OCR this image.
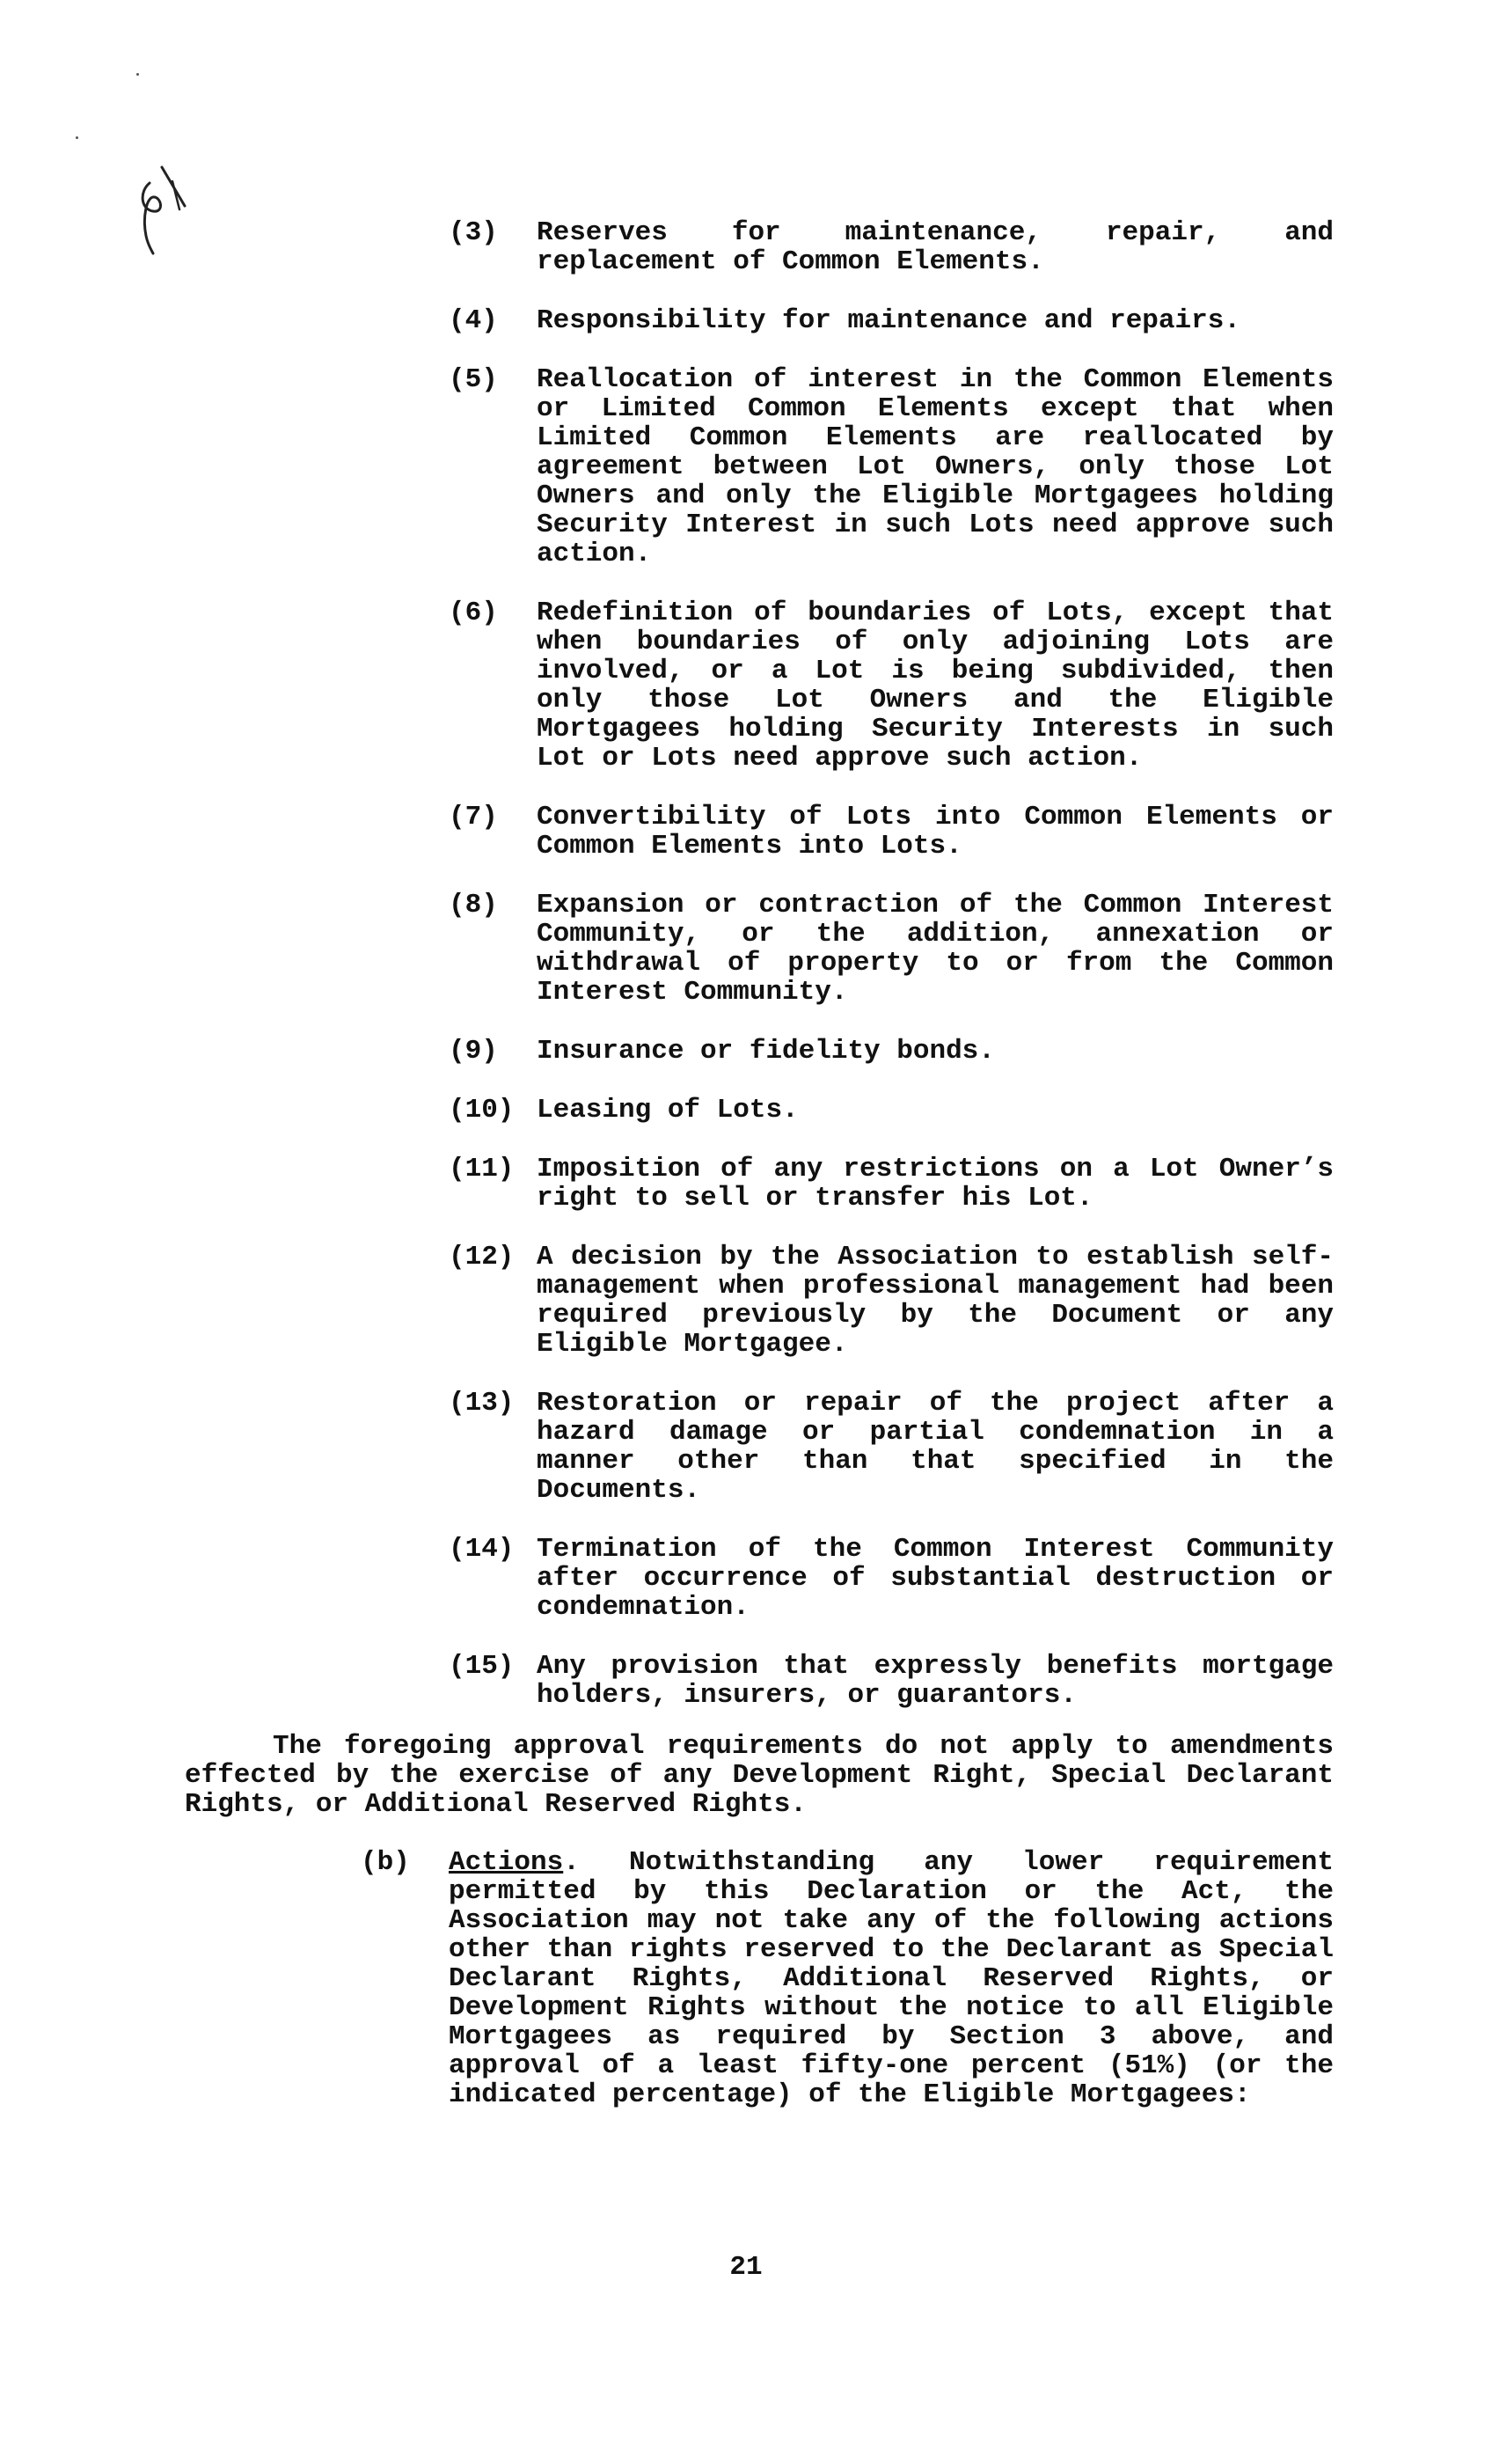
(3)	Reserves for maintenance, repair, and replacement of Common Elements.
(4)	Responsibility for maintenance and repairs.
(5)	Reallocation of interest in the Common Elements or Limited Common Elements except that when Limited Common Elements are reallocated by agreement between Lot Owners, only those Lot Owners and only the Eligible Mortgagees holding Security Interest in such Lots need approve such action.
(6)	Redefinition of boundaries of Lots, except that when boundaries of only adjoining Lots are involved, or a Lot is being subdivided, then only those Lot Owners and the Eligible Mortgagees holding Security Interests in such Lot or Lots need approve such action.
(7)	Convertibility of Lots into Common Elements or Common Elements into Lots.
(8)	Expansion or contraction of the Common Interest Community, or the addition, annexation or withdrawal of property to or from the Common Interest Community.
(9)	Insurance or fidelity bonds.
(10) Leasing of Lots.
(11) Imposition of any restrictions on a Lot Owner’s right to sell or transfer his Lot.
(12) A decision by the Association to establish self-management when professional management had been required previously by the Document or any Eligible Mortgagee.
(13) Restoration or repair of the project after a hazard damage or partial condemnation in a manner other than that specified in the Documents.
(14) Termination of the Common Interest Community after occurrence of substantial destruction or condemnation.
(15) Any provision that expressly benefits mortgage holders, insurers, or guarantors.
The foregoing approval requirements do not apply to amendments effected by the exercise of any Development Right, Special Declarant Rights, or Additional Reserved Rights.
(b)	Actions. Notwithstanding any lower requirement permitted by this Declaration or the Act, the Association may not take any of the following actions other than rights reserved to the Declarant as Special Declarant Rights, Additional Reserved Rights, or Development Rights without the notice to all Eligible Mortgagees as required by Section 3 above, and approval of a least fifty-one percent (51%) (or the indicated percentage) of the Eligible Mortgagees:
21
